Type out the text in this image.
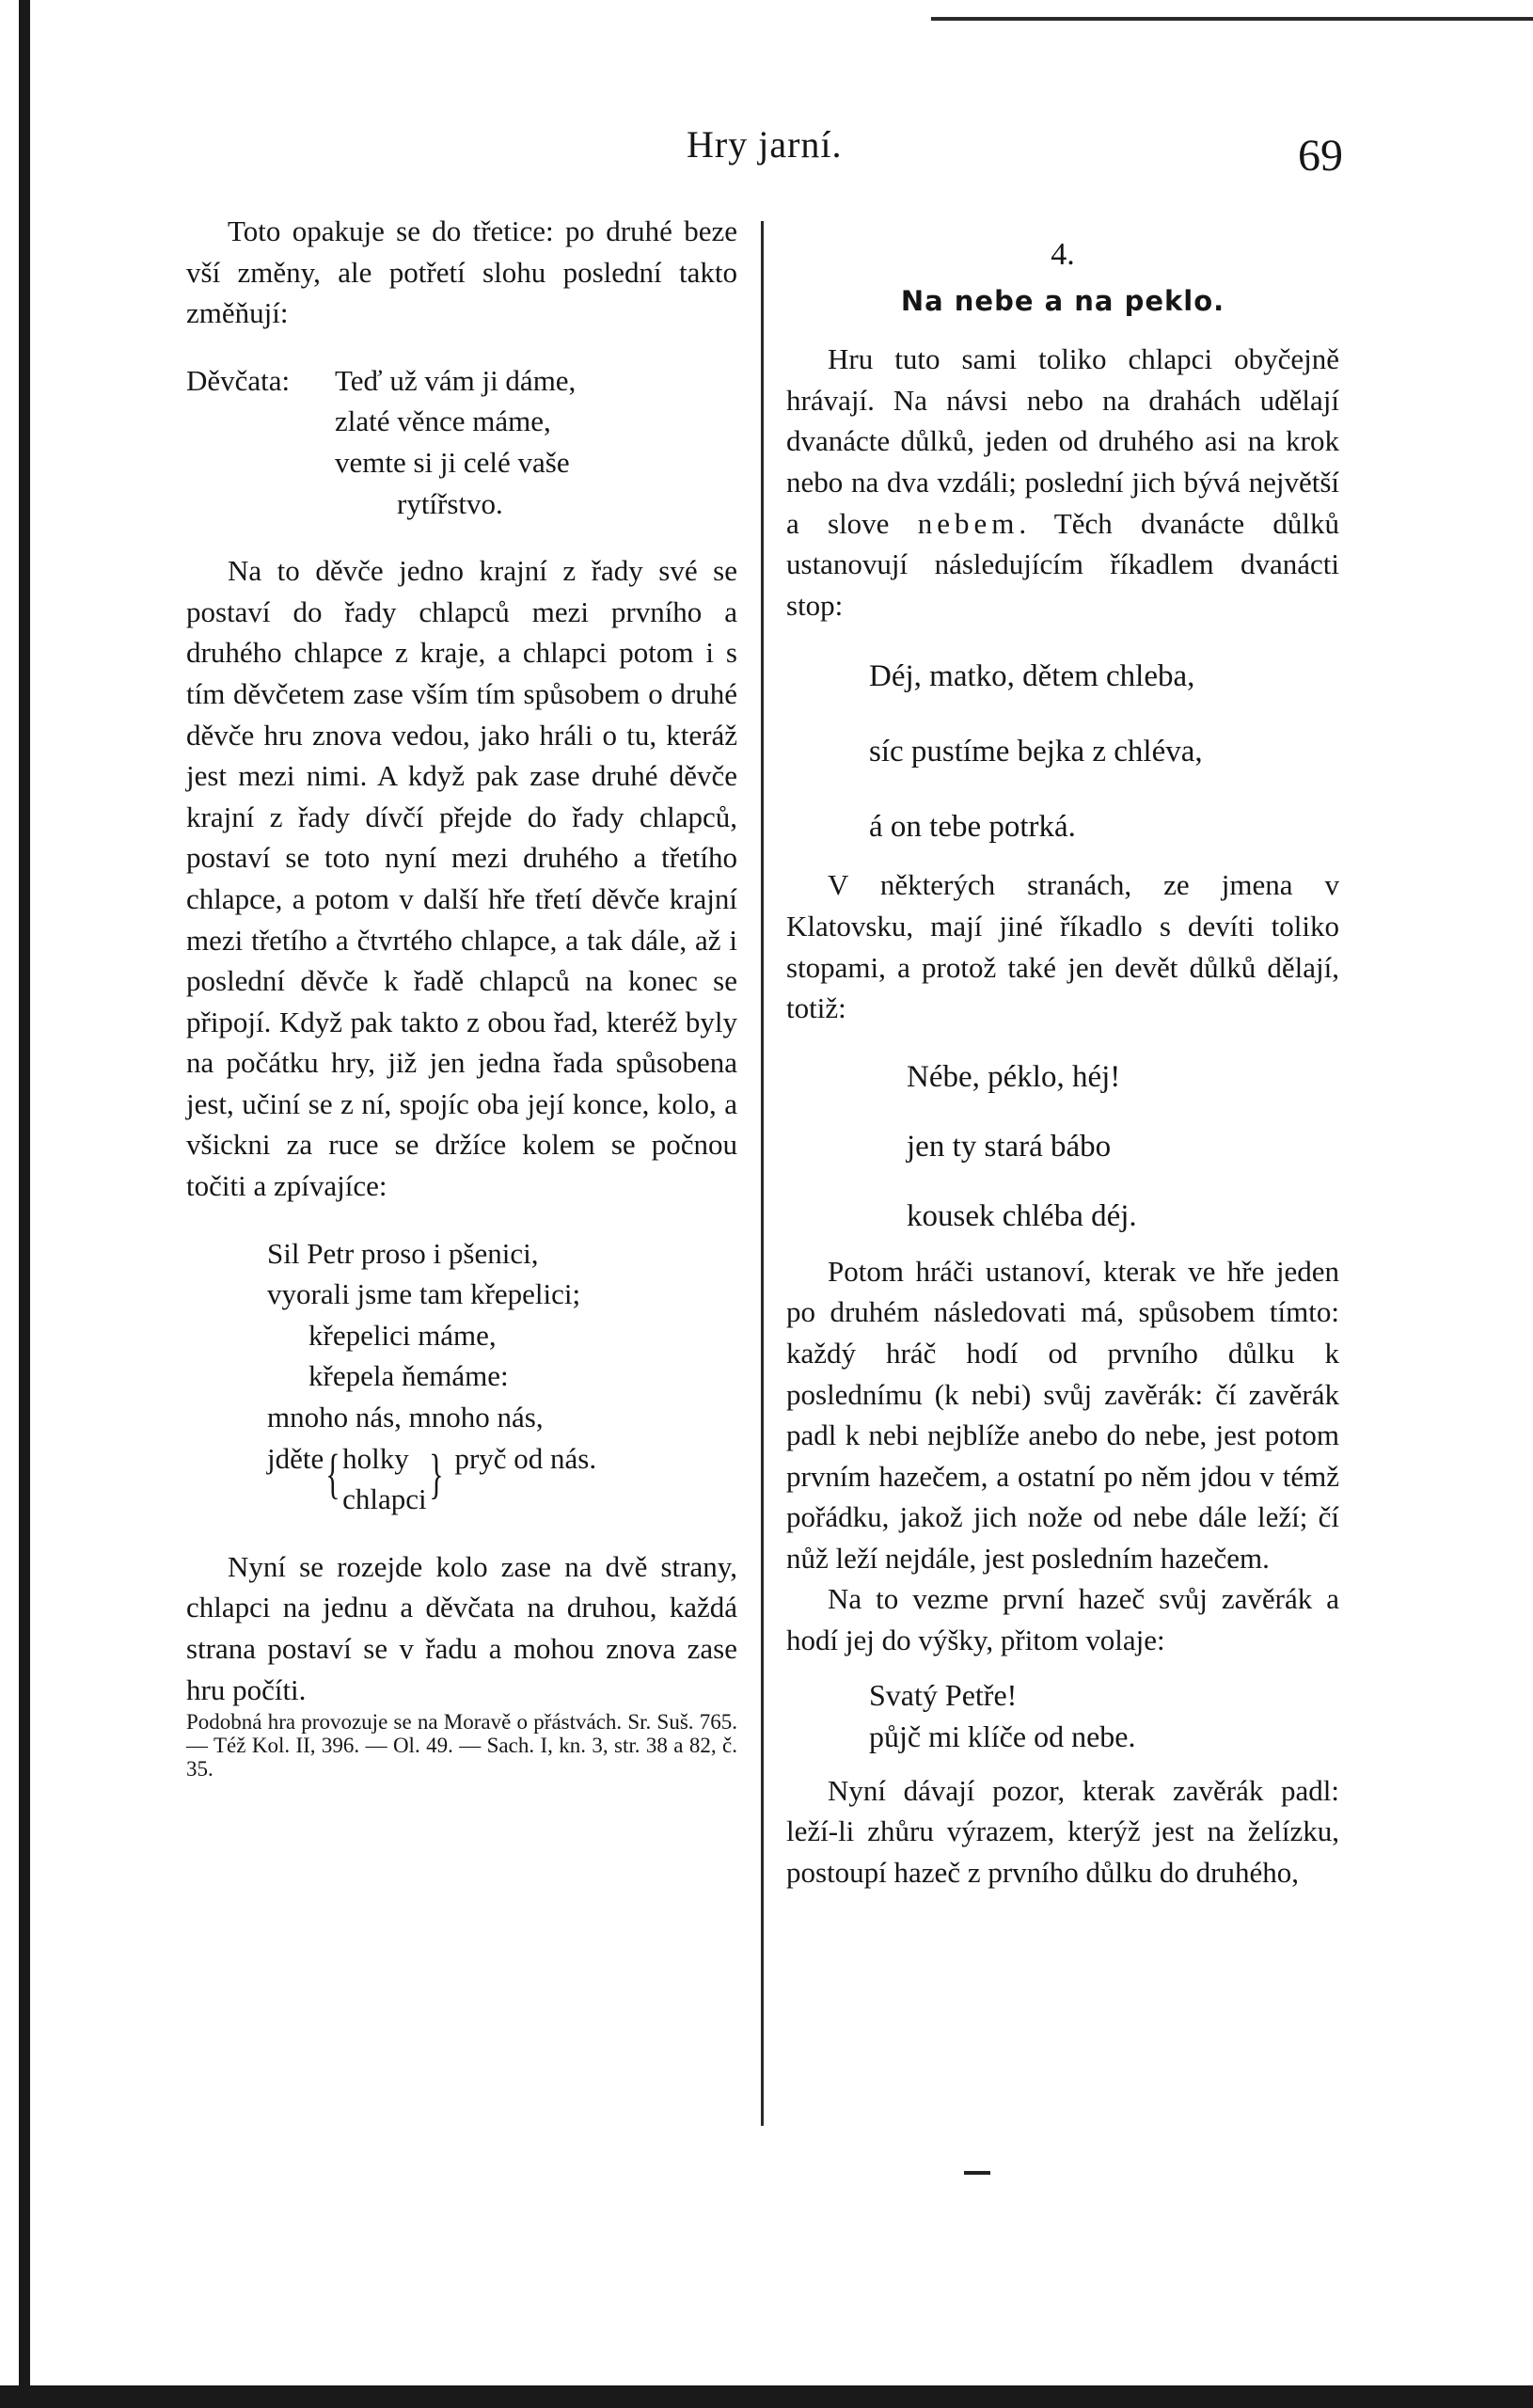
Hry jarní.	69

Toto opakuje se do třetice: po druhé beze vší změny, ale potřetí slohu poslední takto změňují:

Děvčata:	Teď už vám ji dáme,
zlaté věnce máme,
vemte si ji celé vaše
rytířstvo.

Na to děvče jedno krajní z řady své se postaví do řady chlapců mezi prvního a druhého chlapce z kraje, a chlapci potom i s tím děvčetem zase vším tím spůsobem o druhé děvče hru znova vedou, jako hráli o tu, kteráž jest mezi nimi. A když pak zase druhé děvče krajní z řady dívčí přejde do řady chlapců, postaví se toto nyní mezi druhého a třetího chlapce, a potom v další hře třetí děvče krajní mezi třetího a čtvrtého chlapce, a tak dále, až i poslední děvče k řadě chlapců na konec se připojí. Když pak takto z obou řad, kteréž byly na počátku hry, již jen jedna řada spůsobena jest, učiní se z ní, spojíc oba její konce, kolo, a všickni za ruce se držíce kolem se počnou točiti a zpívajíce:

Sil Petr proso i pšenici,
vyorali jsme tam křepelici;
křepelici máme,
křepela ňemáme:
mnoho nás, mnoho nás,
jděte { holky
chlapci } pryč od nás.

Nyní se rozejde kolo zase na dvě strany, chlapci na jednu a děvčata na druhou, každá strana postaví se v řadu a mohou znova zase hru počíti.

Podobná hra provozuje se na Moravě o přástvách. Sr. Suš. 765. — Též Kol. II, 396. — Ol. 49. — Sach. I, kn. 3, str. 38 a 82, č. 35.

4.
Na nebe a na peklo.

Hru tuto sami toliko chlapci obyčejně hrávají. Na návsi nebo na drahách udělají dvanácte důlků, jeden od druhého asi na krok nebo na dva vzdáli; poslední jich bývá největší a slove nebem. Těch dvanácte důlků ustanovují následujícím říkadlem dvanácti stop:

Déj, matko, dětem chleba,
síc pustíme bejka z chléva,
á on tebe potrká.

V některých stranách, ze jmena v Klatovsku, mají jiné říkadlo s devíti toliko stopami, a protož také jen devět důlků dělají, totiž:

Nébe, péklo, héj!
jen ty stará bábo
kousek chléba déj.

Potom hráči ustanoví, kterak ve hře jeden po druhém následovati má, spůsobem tímto: každý hráč hodí od prvního důlku k poslednímu (k nebi) svůj zavěrák: čí zavěrák padl k nebi nejblíže anebo do nebe, jest potom prvním hazečem, a ostatní po něm jdou v témž pořádku, jakož jich nože od nebe dále leží; čí nůž leží nejdále, jest posledním hazečem.

Na to vezme první hazeč svůj zavěrák a hodí jej do výšky, přitom volaje:

Svatý Petře!
půjč mi klíče od nebe.

Nyní dávají pozor, kterak zavěrák padl: leží-li zhůru výrazem, kterýž jest na želízku, postoupí hazeč z prvního důlku do druhého,
